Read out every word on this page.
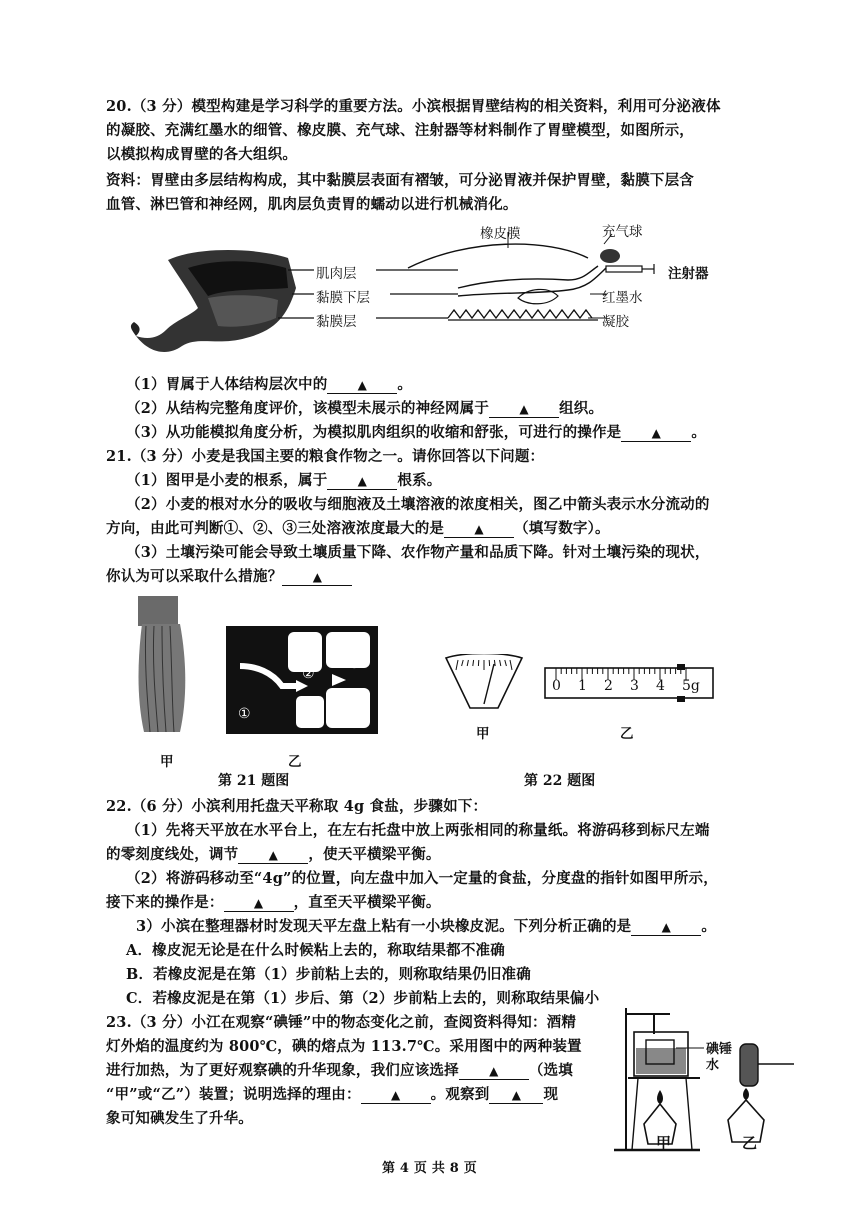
20.（3 分）模型构建是学习科学的重要方法。小滨根据胃壁结构的相关资料，利用可分泌液体
的凝胶、充满红墨水的细管、橡皮膜、充气球、注射器等材料制作了胃壁模型，如图所示，
以模拟构成胃壁的各大组织。
资料：胃壁由多层结构构成，其中黏膜层表面有褶皱，可分泌胃液并保护胃壁，黏膜下层含
血管、淋巴管和神经网，肌肉层负责胃的蠕动以进行机械消化。
肌肉层
黏膜下层
黏膜层
橡皮膜	充气球
红墨水
凝胶
注射器
（1）胃属于人体结构层次中的	▲ 。
（2）从结构完整角度评价，该模型未展示的神经网属于	▲ 组织。
（3）从功能模拟角度分析，为模拟肌肉组织的收缩和舒张，可进行的操作是	▲ 。
21.（3 分）小麦是我国主要的粮食作物之一。请你回答以下问题：
（1）图甲是小麦的根系，属于	▲ 根系。
（2）小麦的根对水分的吸收与细胞液及土壤溶液的浓度相关，图乙中箭头表示水分流动的
方向，由此可判断①、②、③三处溶液浓度最大的是	▲ （填写数字）。
（3）土壤污染可能会导致土壤质量下降、农作物产量和品质下降。针对土壤污染的现状，
你认为可以采取什么措施？	▲
①
②
③
甲	乙
第 21 题图
0 1 2 3 4 5g
甲	乙
第 22 题图
22.（6 分）小滨利用托盘天平称取 4g 食盐，步骤如下：
（1）先将天平放在水平台上，在左右托盘中放上两张相同的称量纸。将游码移到标尺左端
的零刻度线处，调节	▲ ，使天平横梁平衡。
（2）将游码移动至“4g”的位置，向左盘中加入一定量的食盐，分度盘的指针如图甲所示，
接下来的操作是：	▲ ，直至天平横梁平衡。
3）小滨在整理器材时发现天平左盘上粘有一小块橡皮泥。下列分析正确的是	▲ 。
A．橡皮泥无论是在什么时候粘上去的，称取结果都不准确
B．若橡皮泥是在第（1）步前粘上去的，则称取结果仍旧准确
C．若橡皮泥是在第（1）步后、第（2）步前粘上去的，则称取结果偏小
23.（3 分）小江在观察“碘锤”中的物态变化之前，查阅资料得知：酒精
灯外焰的温度约为 800℃，碘的熔点为 113.7℃。采用图中的两种装置
进行加热，为了更好观察碘的升华现象，我们应该选择	▲ （选填
“甲”或“乙”）装置；说明选择的理由：	▲ 。观察到 ▲ 现
象可知碘发生了升华。
碘锤
水
甲	乙
第 4 页 共 8 页
